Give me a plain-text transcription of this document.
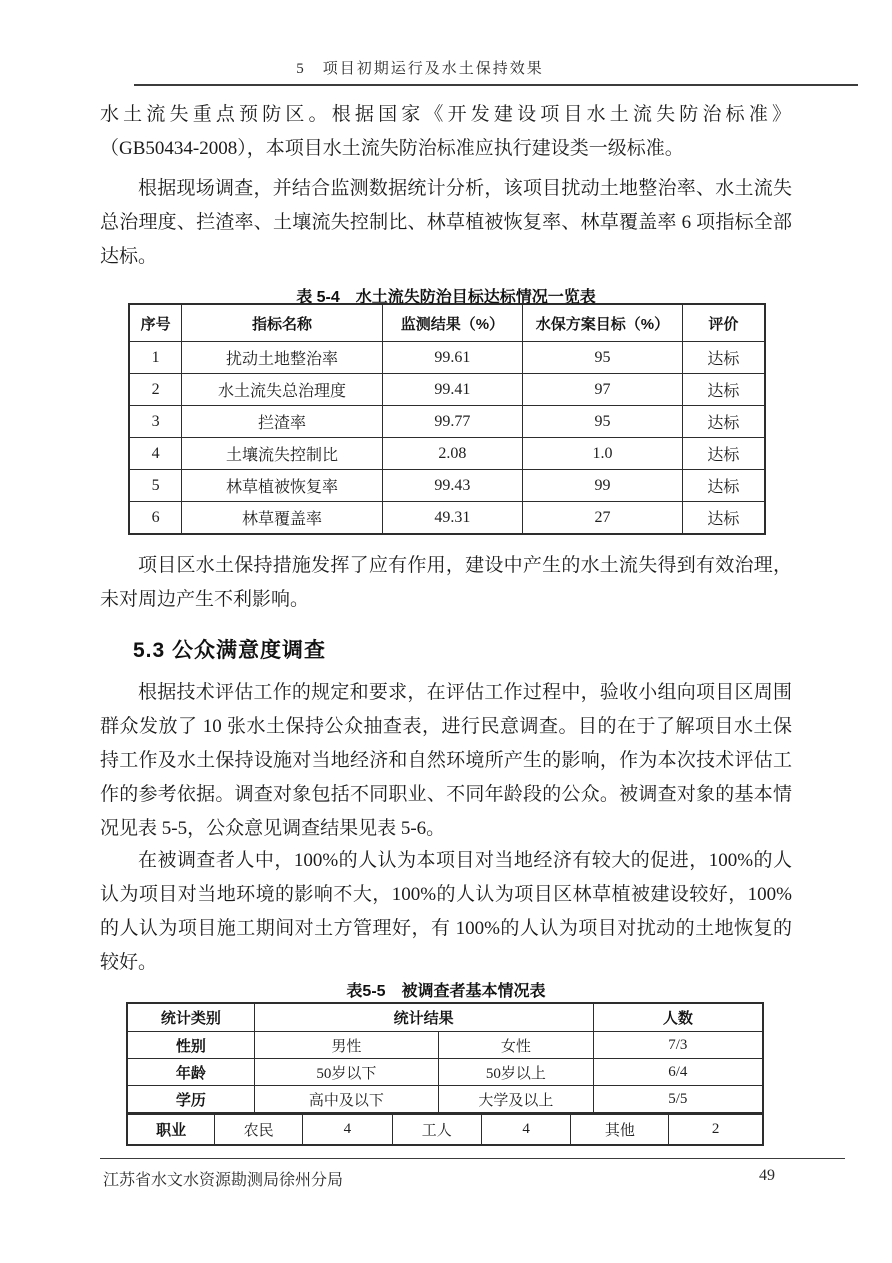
5　项目初期运行及水土保持效果
水土流失重点预防区。根据国家《开发建设项目水土流失防治标准》
（GB50434-2008），本项目水土流失防治标准应执行建设类一级标准。
根据现场调查，并结合监测数据统计分析，该项目扰动土地整治率、水土流失总治理度、拦渣率、土壤流失控制比、林草植被恢复率、林草覆盖率 6 项指标全部达标。
表 5-4　水土流失防治目标达标情况一览表
序号	指标名称	监测结果（%）	水保方案目标（%）	评价
1	扰动土地整治率	99.61	95	达标
2	水土流失总治理度	99.41	97	达标
3	拦渣率	99.77	95	达标
4	土壤流失控制比	2.08	1.0	达标
5	林草植被恢复率	99.43	99	达标
6	林草覆盖率	49.31	27	达标
项目区水土保持措施发挥了应有作用，建设中产生的水土流失得到有效治理，未对周边产生不利影响。
5.3 公众满意度调查
根据技术评估工作的规定和要求，在评估工作过程中，验收小组向项目区周围群众发放了 10 张水土保持公众抽查表，进行民意调查。目的在于了解项目水土保持工作及水土保持设施对当地经济和自然环境所产生的影响，作为本次技术评估工作的参考依据。调查对象包括不同职业、不同年龄段的公众。被调查对象的基本情况见表 5-5，公众意见调查结果见表 5-6。
在被调查者人中，100%的人认为本项目对当地经济有较大的促进，100%的人认为项目对当地环境的影响不大，100%的人认为项目区林草植被建设较好，100%的人认为项目施工期间对土方管理好，有 100%的人认为项目对扰动的土地恢复的较好。
表5-5　被调查者基本情况表
统计类别	统计结果		人数
性别	男性	女性	7/3
年龄	50岁以下	50岁以上	6/4
学历	高中及以下	大学及以上	5/5
职业	农民	4	工人	4	其他	2
江苏省水文水资源勘测局徐州分局	49
